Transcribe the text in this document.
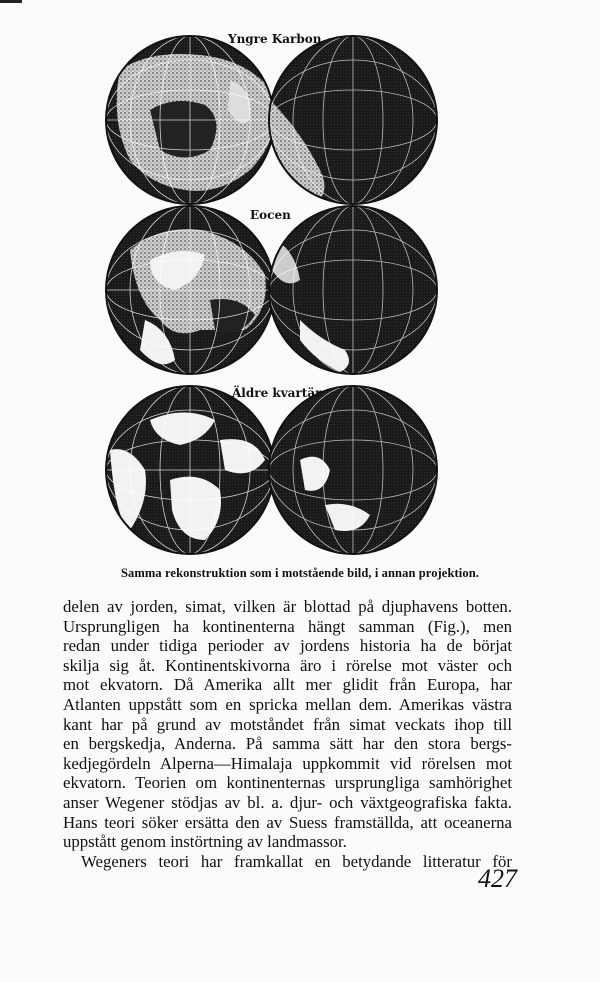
Yngre Karbon
Eocen
Äldre kvartär
Samma rekonstruktion som i motstående bild, i annan projektion.
delen av jorden, simat, vilken är blottad på djuphavens botten.
Ursprungligen ha kontinenterna hängt samman (Fig.), men
redan under tidiga perioder av jordens historia ha de börjat
skilja sig åt. Kontinentskivorna äro i rörelse mot väster och
mot ekvatorn. Då Amerika allt mer glidit från Europa, har
Atlanten uppstått som en spricka mellan dem. Amerikas västra
kant har på grund av motståndet från simat veckats ihop till
en bergskedja, Anderna. På samma sätt har den stora bergs-
kedjegördeln Alperna—Himalaja uppkommit vid rörelsen mot
ekvatorn. Teorien om kontinenternas ursprungliga samhörighet
anser Wegener stödjas av bl. a. djur- och växtgeografiska fakta.
Hans teori söker ersätta den av Suess framställda, att oceanerna
uppstått genom instörtning av landmassor.
Wegeners teori har framkallat en betydande litteratur för
427
